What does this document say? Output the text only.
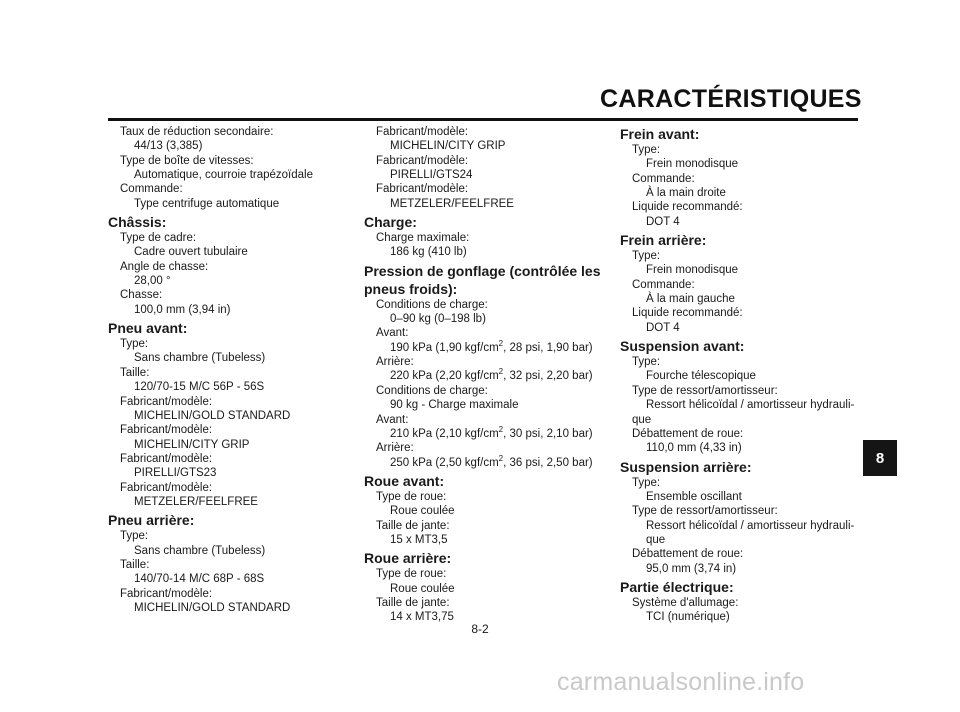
CARACTÉRISTIQUES
Taux de réduction secondaire:
44/13 (3,385)
Type de boîte de vitesses:
Automatique, courroie trapézoïdale
Commande:
Type centrifuge automatique
Châssis:
Type de cadre:
Cadre ouvert tubulaire
Angle de chasse:
28,00 °
Chasse:
100,0 mm (3,94 in)
Pneu avant:
Type:
Sans chambre (Tubeless)
Taille:
120/70-15 M/C 56P - 56S
Fabricant/modèle:
MICHELIN/GOLD STANDARD
Fabricant/modèle:
MICHELIN/CITY GRIP
Fabricant/modèle:
PIRELLI/GTS23
Fabricant/modèle:
METZELER/FEELFREE
Pneu arrière:
Type:
Sans chambre (Tubeless)
Taille:
140/70-14 M/C 68P - 68S
Fabricant/modèle:
MICHELIN/GOLD STANDARD
Fabricant/modèle:
MICHELIN/CITY GRIP
Fabricant/modèle:
PIRELLI/GTS24
Fabricant/modèle:
METZELER/FEELFREE
Charge:
Charge maximale:
186 kg (410 lb)
Pression de gonflage (contrôlée les
pneus froids):
Conditions de charge:
0–90 kg (0–198 lb)
Avant:
190 kPa (1,90 kgf/$cm^2$, 28 psi, 1,90 bar)
Arrière:
220 kPa (2,20 kgf/$cm^2$, 32 psi, 2,20 bar)
Conditions de charge:
90 kg - Charge maximale
Avant:
210 kPa (2,10 kgf/$cm^2$, 30 psi, 2,10 bar)
Arrière:
250 kPa (2,50 kgf/$cm^2$, 36 psi, 2,50 bar)
Roue avant:
Type de roue:
Roue coulée
Taille de jante:
15 x MT3,5
Roue arrière:
Type de roue:
Roue coulée
Taille de jante:
14 x MT3,75
Frein avant:
Type:
Frein monodisque
Commande:
À la main droite
Liquide recommandé:
DOT 4
Frein arrière:
Type:
Frein monodisque
Commande:
À la main gauche
Liquide recommandé:
DOT 4
Suspension avant:
Type:
Fourche télescopique
Type de ressort/amortisseur:
Ressort hélicoïdal / amortisseur hydrauli-
que
Débattement de roue:
110,0 mm (4,33 in)
Suspension arrière:
Type:
Ensemble oscillant
Type de ressort/amortisseur:
Ressort hélicoïdal / amortisseur hydrauli-
que
Débattement de roue:
95,0 mm (3,74 in)
Partie électrique:
Système d'allumage:
TCI (numérique)
8
8-2
carmanualsonline.info
